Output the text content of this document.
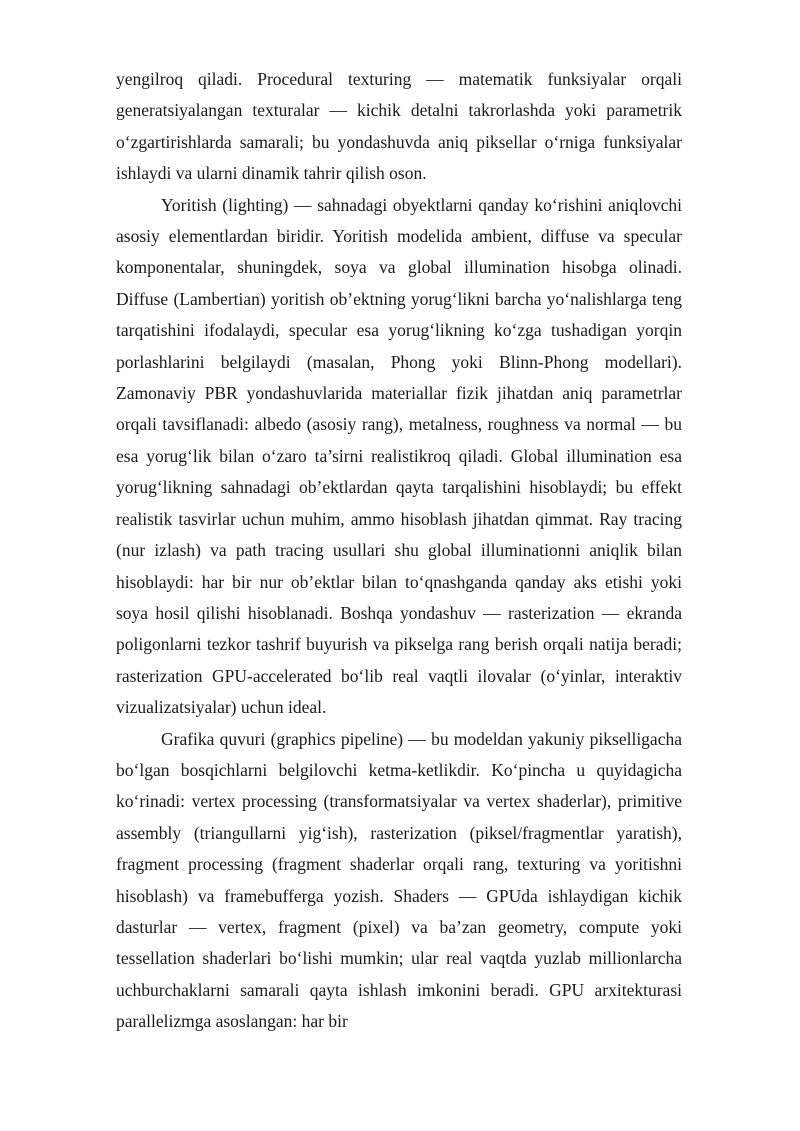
yengilroq qiladi. Procedural texturing — matematik funksiyalar orqali generatsiyalangan texturalar — kichik detalni takrorlashda yoki parametrik o‘zgartirishlarda samarali; bu yondashuvda aniq piksellar o‘rniga funksiyalar ishlaydi va ularni dinamik tahrir qilish oson.

Yoritish (lighting) — sahnadagi obyektlarni qanday ko‘rishini aniqlovchi asosiy elementlardan biridir. Yoritish modelida ambient, diffuse va specular komponentalar, shuningdek, soya va global illumination hisobga olinadi. Diffuse (Lambertian) yoritish ob’ektning yorug‘likni barcha yo‘nalishlarga teng tarqatishini ifodalaydi, specular esa yorug‘likning ko‘zga tushadigan yorqin porlashlarini belgilaydi (masalan, Phong yoki Blinn-Phong modellari). Zamonaviy PBR yondashuvlarida materiallar fizik jihatdan aniq parametrlar orqali tavsiflanadi: albedo (asosiy rang), metalness, roughness va normal — bu esa yorug‘lik bilan o‘zaro ta’sirni realistikroq qiladi. Global illumination esa yorug‘likning sahnadagi ob’ektlardan qayta tarqalishini hisoblaydi; bu effekt realistik tasvirlar uchun muhim, ammo hisoblash jihatdan qimmat. Ray tracing (nur izlash) va path tracing usullari shu global illuminationni aniqlik bilan hisoblaydi: har bir nur ob’ektlar bilan to‘qnashganda qanday aks etishi yoki soya hosil qilishi hisoblanadi. Boshqa yondashuv — rasterization — ekranda poligonlarni tezkor tashrif buyurish va pikselga rang berish orqali natija beradi; rasterization GPU-accelerated bo‘lib real vaqtli ilovalar (o‘yinlar, interaktiv vizualizatsiyalar) uchun ideal.

Grafika quvuri (graphics pipeline) — bu modeldan yakuniy pikselligacha bo‘lgan bosqichlarni belgilovchi ketma-ketlikdir. Ko‘pincha u quyidagicha ko‘rinadi: vertex processing (transformatsiyalar va vertex shaderlar), primitive assembly (triangullarni yig‘ish), rasterization (piksel/fragmentlar yaratish), fragment processing (fragment shaderlar orqali rang, texturing va yoritishni hisoblash) va framebufferga yozish. Shaders — GPUda ishlaydigan kichik dasturlar — vertex, fragment (pixel) va ba’zan geometry, compute yoki tessellation shaderlari bo‘lishi mumkin; ular real vaqtda yuzlab millionlarcha uchburchaklarni samarali qayta ishlash imkonini beradi. GPU arxitekturasi parallelizmga asoslangan: har bir
